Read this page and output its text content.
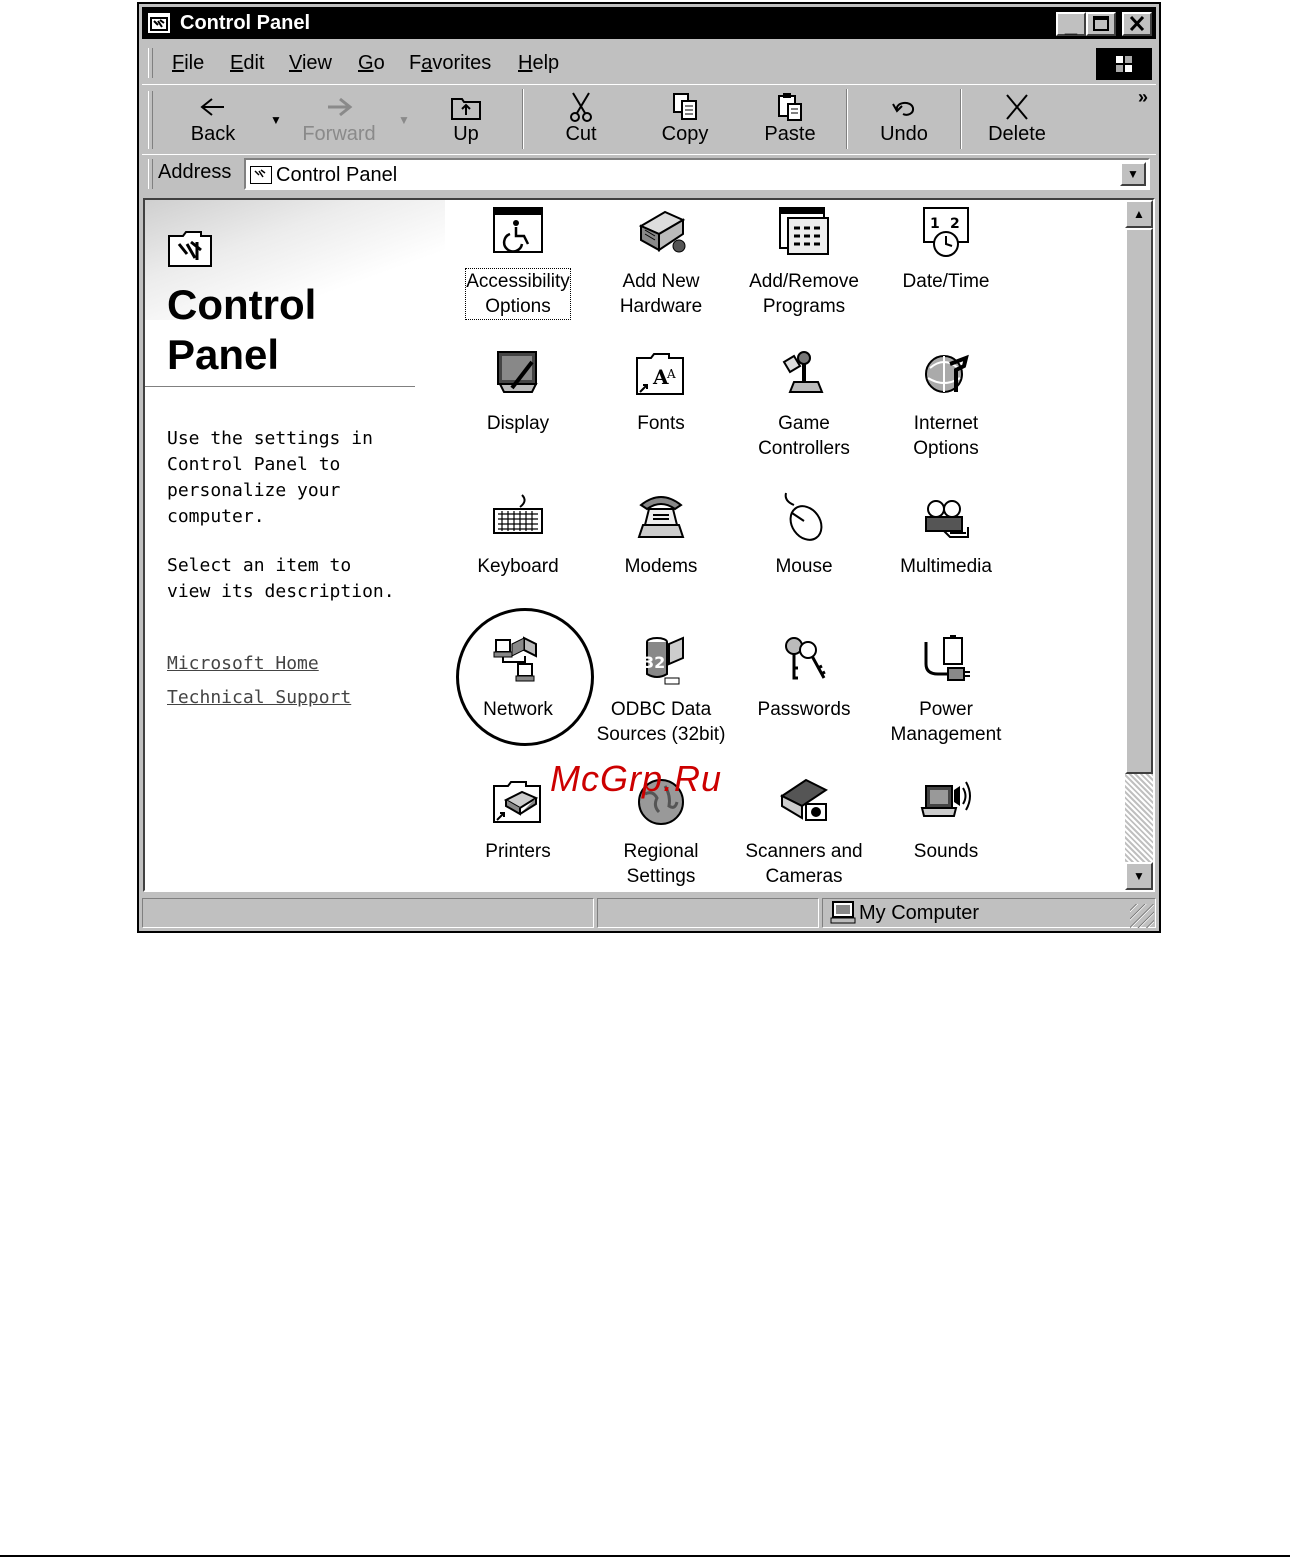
Control Panel	_
File Edit View Go Favorites Help
Back
▼
Forward
▼
Up	Cut	Copy	Paste	Undo	Delete
»
Address Control Panel	▼
Control
Panel
Use the settings in
Control Panel to
personalize your
computer.
Select an item to
view its description.
Microsoft Home
Technical Support
Accessibility
Options
Add New
Hardware
Add/Remove
Programs
1 2
Date/Time
Display
A
A
Fonts	Game
Controllers
Internet
Options
Keyboard	Modems	Mouse	Multimedia
Network
32
ODBC Data
Sources (32bit)
Passwords	Power
Management
Printers	Regional
Settings
Scanners and
Cameras
Sounds
McGrp.Ru
▲
▼
My Computer
